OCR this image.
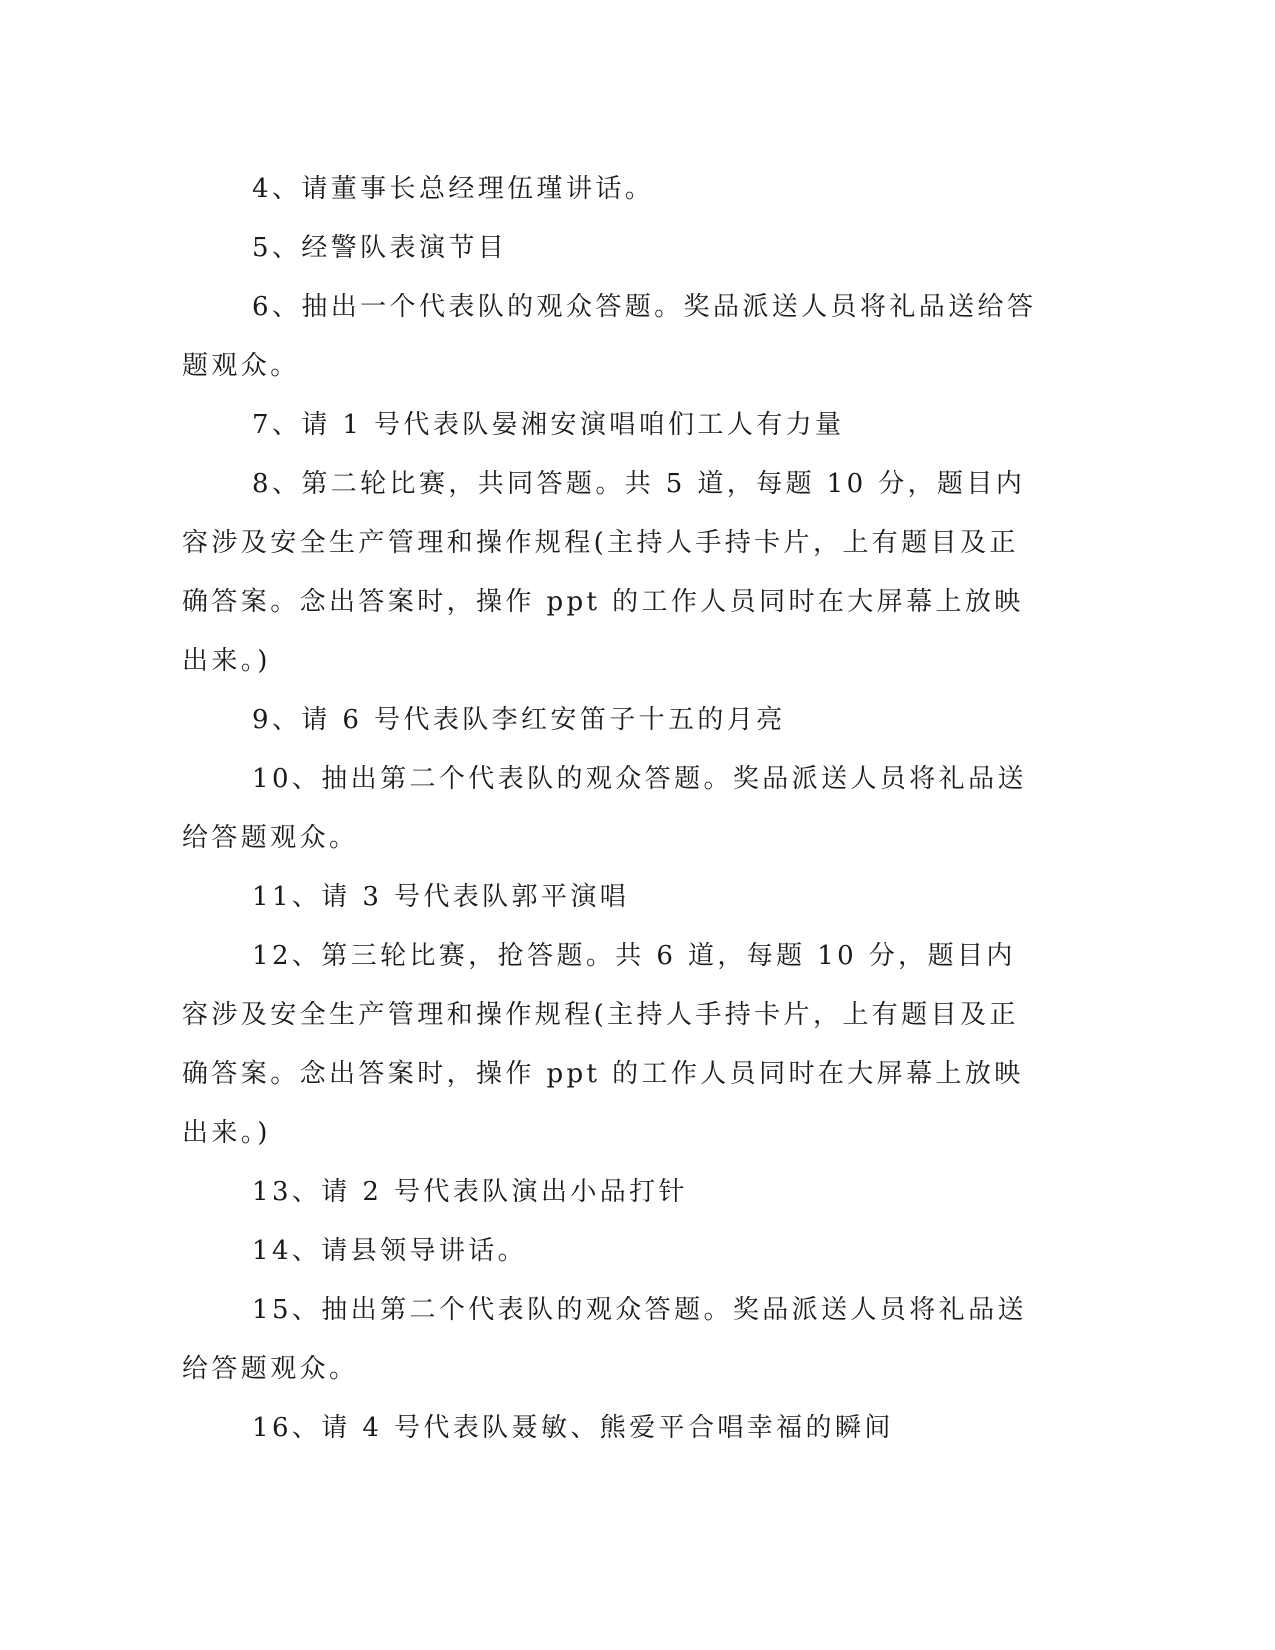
4、请董事长总经理伍瑾讲话。

5、经警队表演节目

6、抽出一个代表队的观众答题。奖品派送人员将礼品送给答题观众。

7、请 1 号代表队晏湘安演唱咱们工人有力量

8、第二轮比赛，共同答题。共 5 道，每题 10 分，题目内容涉及安全生产管理和操作规程(主持人手持卡片，上有题目及正确答案。念出答案时，操作 ppt 的工作人员同时在大屏幕上放映出来。)

9、请 6 号代表队李红安笛子十五的月亮

10、抽出第二个代表队的观众答题。奖品派送人员将礼品送给答题观众。

11、请 3 号代表队郭平演唱

12、第三轮比赛，抢答题。共 6 道，每题 10 分，题目内容涉及安全生产管理和操作规程(主持人手持卡片，上有题目及正确答案。念出答案时，操作 ppt 的工作人员同时在大屏幕上放映出来。)

13、请 2 号代表队演出小品打针

14、请县领导讲话。

15、抽出第二个代表队的观众答题。奖品派送人员将礼品送给答题观众。

16、请 4 号代表队聂敏、熊爱平合唱幸福的瞬间
